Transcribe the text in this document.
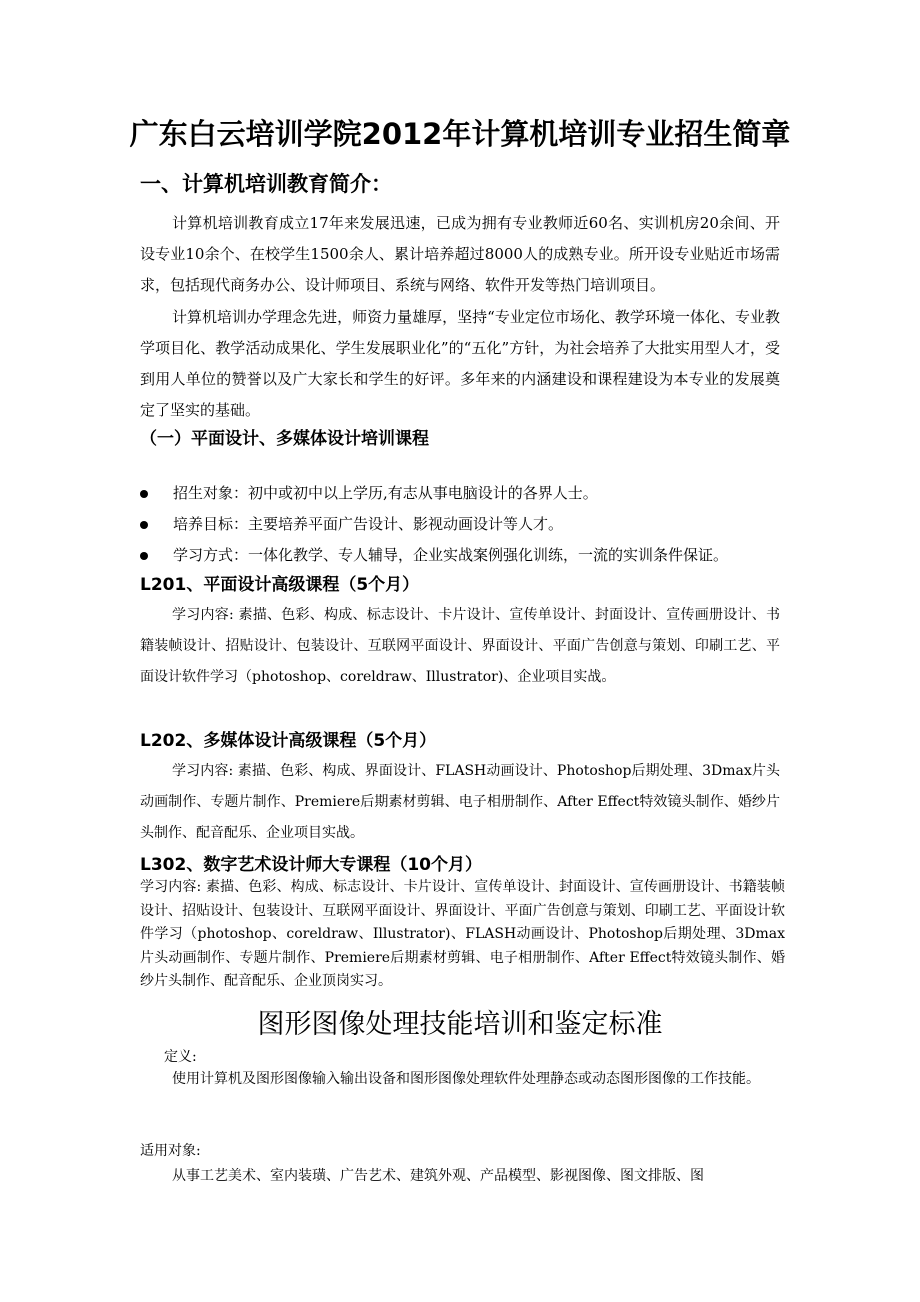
广东白云培训学院2012年计算机培训专业招生简章
一、计算机培训教育简介：

计算机培训教育成立17年来发展迅速，已成为拥有专业教师近60名、实训机房20余间、开设专业10余个、在校学生1500余人、累计培养超过8000人的成熟专业。所开设专业贴近市场需求，包括现代商务办公、设计师项目、系统与网络、软件开发等热门培训项目。

计算机培训办学理念先进，师资力量雄厚，坚持“专业定位市场化、教学环境一体化、专业教学项目化、教学活动成果化、学生发展职业化”的“五化”方针，为社会培养了大批实用型人才，受到用人单位的赞誉以及广大家长和学生的好评。多年来的内涵建设和课程建设为本专业的发展奠定了坚实的基础。

（一）平面设计、多媒体设计培训课程
招生对象：初中或初中以上学历,有志从事电脑设计的各界人士。
培养目标：主要培养平面广告设计、影视动画设计等人才。
学习方式：一体化教学、专人辅导，企业实战案例强化训练，一流的实训条件保证。
L201、平面设计高级课程（5个月）

学习内容: 素描、色彩、构成、标志设计、卡片设计、宣传单设计、封面设计、宣传画册设计、书籍装帧设计、招贴设计、包装设计、互联网平面设计、界面设计、平面广告创意与策划、印刷工艺、平面设计软件学习（photoshop、coreldraw、Illustrator)、企业项目实战。

L202、多媒体设计高级课程（5个月）

学习内容: 素描、色彩、构成、界面设计、FLASH动画设计、Photoshop后期处理、3Dmax片头动画制作、专题片制作、Premiere后期素材剪辑、电子相册制作、After Effect特效镜头制作、婚纱片头制作、配音配乐、企业项目实战。

L302、数字艺术设计师大专课程（10个月）

学习内容: 素描、色彩、构成、标志设计、卡片设计、宣传单设计、封面设计、宣传画册设计、书籍装帧设计、招贴设计、包装设计、互联网平面设计、界面设计、平面广告创意与策划、印刷工艺、平面设计软件学习（photoshop、coreldraw、Illustrator)、FLASH动画设计、Photoshop后期处理、3Dmax片头动画制作、专题片制作、Premiere后期素材剪辑、电子相册制作、After Effect特效镜头制作、婚纱片头制作、配音配乐、企业顶岗实习。

图形图像处理技能培训和鉴定标准
定义:

使用计算机及图形图像输入输出设备和图形图像处理软件处理静态或动态图形图像的工作技能。

适用对象:

从事工艺美术、室内装璜、广告艺术、建筑外观、产品模型、影视图像、图文排版、图
